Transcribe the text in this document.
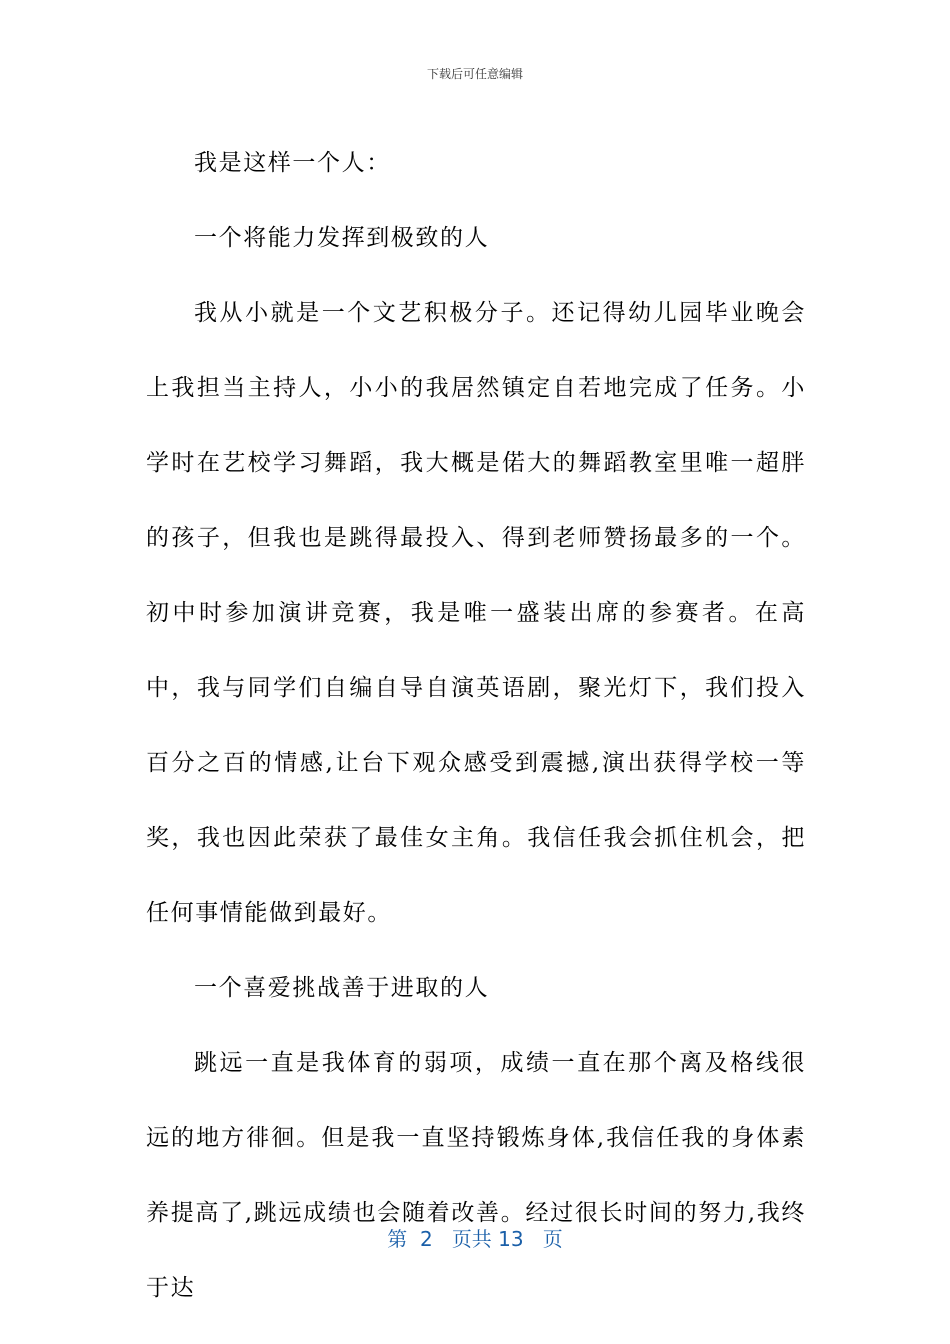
下载后可任意编辑

我是这样一个人：

一个将能力发挥到极致的人

我从小就是一个文艺积极分子。还记得幼儿园毕业晚会上我担当主持人，小小的我居然镇定自若地完成了任务。小学时在艺校学习舞蹈，我大概是偌大的舞蹈教室里唯一超胖的孩子，但我也是跳得最投入、得到老师赞扬最多的一个。初中时参加演讲竞赛，我是唯一盛装出席的参赛者。在高中，我与同学们自编自导自演英语剧，聚光灯下，我们投入百分之百的情感,让台下观众感受到震撼,演出获得学校一等奖，我也因此荣获了最佳女主角。我信任我会抓住机会，把任何事情能做到最好。

一个喜爱挑战善于进取的人

跳远一直是我体育的弱项，成绩一直在那个离及格线很远的地方徘徊。但是我一直坚持锻炼身体,我信任我的身体素养提高了,跳远成绩也会随着改善。经过很长时间的努力,我终于达

第 2 页共 13 页
